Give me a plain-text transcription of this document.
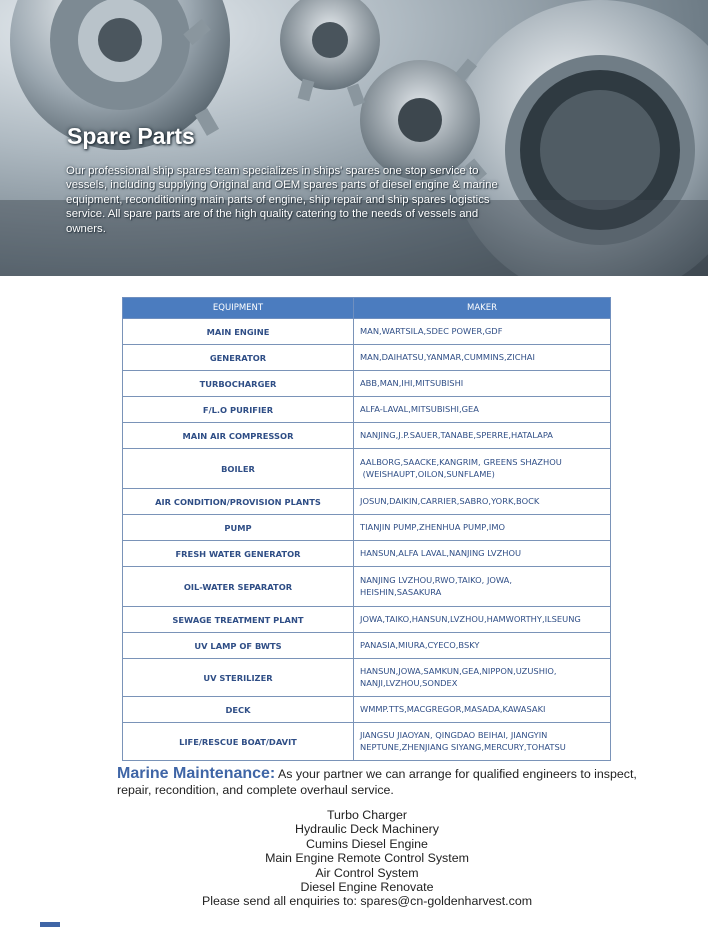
Spare Parts

Our professional ship spares team specializes in ships' spares one stop service to vessels, including supplying Original and OEM spares parts of diesel engine & marine equipment, reconditioning main parts of engine, ship repair and ship spares logistics service. All spare parts are of the high quality catering to the needs of vessels and owners.

EQUIPMENT	MAKER
MAIN ENGINE	MAN,WARTSILA,SDEC POWER,GDF
GENERATOR	MAN,DAIHATSU,YANMAR,CUMMINS,ZICHAI
TURBOCHARGER	ABB,MAN,IHI,MITSUBISHI
F/L.O PURIFIER	ALFA-LAVAL,MITSUBISHI,GEA
MAIN AIR COMPRESSOR	NANJING,J.P.SAUER,TANABE,SPERRE,HATALAPA
BOILER	AALBORG,SAACKE,KANGRIM, GREENS SHAZHOU
(WEISHAUPT,OILON,SUNFLAME)

AIR CONDITION/PROVISION PLANTS	JOSUN,DAIKIN,CARRIER,SABRO,YORK,BOCK
PUMP	TIANJIN PUMP,ZHENHUA PUMP,IMO
FRESH WATER GENERATOR	HANSUN,ALFA LAVAL,NANJING LVZHOU
OIL-WATER SEPARATOR	NANJING LVZHOU,RWO,TAIKO, JOWA,
HEISHIN,SASAKURA

SEWAGE TREATMENT PLANT	JOWA,TAIKO,HANSUN,LVZHOU,HAMWORTHY,ILSEUNG
UV LAMP OF BWTS	PANASIA,MIURA,CYECO,BSKY
UV STERILIZER	HANSUN,JOWA,SAMKUN,GEA,NIPPON,UZUSHIO,
NANJI,LVZHOU,SONDEX

DECK	WMMP.TTS,MACGREGOR,MASADA,KAWASAKI
LIFE/RESCUE BOAT/DAVIT	JIANGSU JIAOYAN, QINGDAO BEIHAI, JIANGYIN
NEPTUNE,ZHENJIANG SIYANG,MERCURY,TOHATSU
Marine Maintenance: As your partner we can arrange for qualified engineers to inspect, repair, recondition, and complete overhaul service.
Turbo Charger
Hydraulic Deck Machinery
Cumins Diesel Engine
Main Engine Remote Control System
Air Control System
Diesel Engine Renovate
Please send all enquiries to: spares@cn-goldenharvest.com
